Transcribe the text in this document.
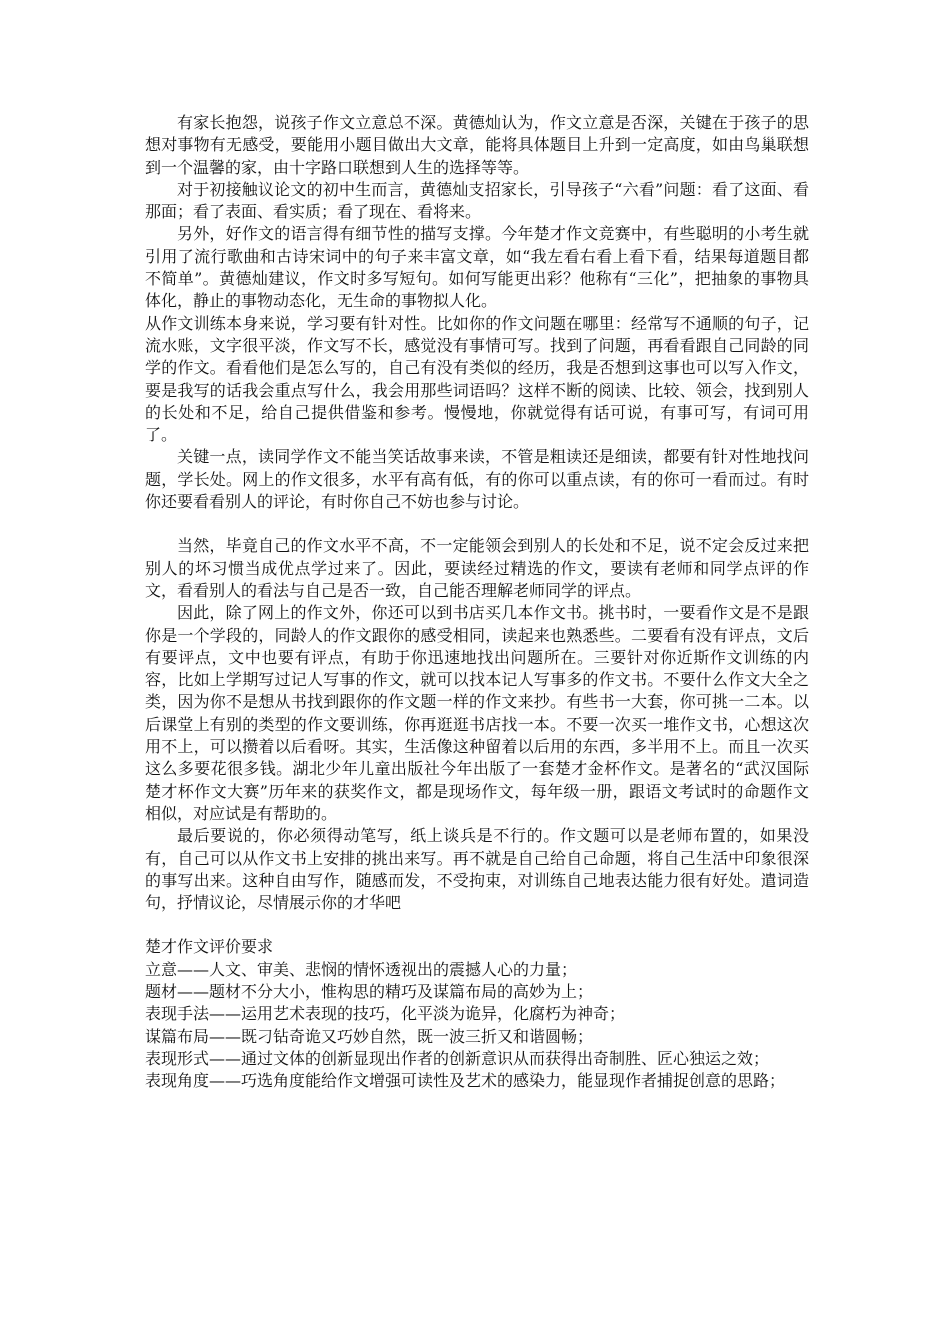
有家长抱怨，说孩子作文立意总不深。黄德灿认为，作文立意是否深，关键在于孩子的思想对事物有无感受，要能用小题目做出大文章，能将具体题目上升到一定高度，如由鸟巢联想到一个温馨的家，由十字路口联想到人生的选择等等。

对于初接触议论文的初中生而言，黄德灿支招家长，引导孩子“六看”问题：看了这面、看那面；看了表面、看实质；看了现在、看将来。

另外，好作文的语言得有细节性的描写支撑。今年楚才作文竞赛中，有些聪明的小考生就引用了流行歌曲和古诗宋词中的句子来丰富文章，如“我左看右看上看下看，结果每道题目都不简单”。黄德灿建议，作文时多写短句。如何写能更出彩？他称有“三化”，把抽象的事物具体化，静止的事物动态化，无生命的事物拟人化。

从作文训练本身来说，学习要有针对性。比如你的作文问题在哪里：经常写不通顺的句子，记流水账，文字很平淡，作文写不长，感觉没有事情可写。找到了问题，再看看跟自己同龄的同学的作文。看看他们是怎么写的，自己有没有类似的经历，我是否想到这事也可以写入作文，要是我写的话我会重点写什么，我会用那些词语吗？这样不断的阅读、比较、领会，找到别人的长处和不足，给自己提供借鉴和参考。慢慢地，你就觉得有话可说，有事可写，有词可用了。

关键一点，读同学作文不能当笑话故事来读，不管是粗读还是细读，都要有针对性地找问题，学长处。网上的作文很多，水平有高有低，有的你可以重点读，有的你可一看而过。有时你还要看看别人的评论，有时你自己不妨也参与讨论。

当然，毕竟自己的作文水平不高，不一定能领会到别人的长处和不足，说不定会反过来把别人的坏习惯当成优点学过来了。因此，要读经过精选的作文，要读有老师和同学点评的作文，看看别人的看法与自己是否一致，自己能否理解老师同学的评点。

因此，除了网上的作文外，你还可以到书店买几本作文书。挑书时，一要看作文是不是跟你是一个学段的，同龄人的作文跟你的感受相同，读起来也熟悉些。二要看有没有评点，文后有要评点，文中也要有评点，有助于你迅速地找出问题所在。三要针对你近斯作文训练的内容，比如上学期写过记人写事的作文，就可以找本记人写事多的作文书。不要什么作文大全之类，因为你不是想从书找到跟你的作文题一样的作文来抄。有些书一大套，你可挑一二本。以后课堂上有别的类型的作文要训练，你再逛逛书店找一本。不要一次买一堆作文书，心想这次用不上，可以攒着以后看呀。其实，生活像这种留着以后用的东西，多半用不上。而且一次买这么多要花很多钱。湖北少年儿童出版社今年出版了一套楚才金杯作文。是著名的“武汉国际楚才杯作文大赛”历年来的获奖作文，都是现场作文，每年级一册，跟语文考试时的命题作文相似，对应试是有帮助的。

最后要说的，你必须得动笔写，纸上谈兵是不行的。作文题可以是老师布置的，如果没有，自己可以从作文书上安排的挑出来写。再不就是自己给自己命题，将自己生活中印象很深的事写出来。这种自由写作，随感而发，不受拘束，对训练自己地表达能力很有好处。遣词造句，抒情议论，尽情展示你的才华吧

楚才作文评价要求

立意——人文、审美、悲悯的情怀透视出的震撼人心的力量；

题材——题材不分大小，惟构思的精巧及谋篇布局的高妙为上；

表现手法——运用艺术表现的技巧，化平淡为诡异，化腐朽为神奇；

谋篇布局——既刁钻奇诡又巧妙自然，既一波三折又和谐圆畅；

表现形式——通过文体的创新显现出作者的创新意识从而获得出奇制胜、匠心独运之效；

表现角度——巧选角度能给作文增强可读性及艺术的感染力，能显现作者捕捉创意的思路；
